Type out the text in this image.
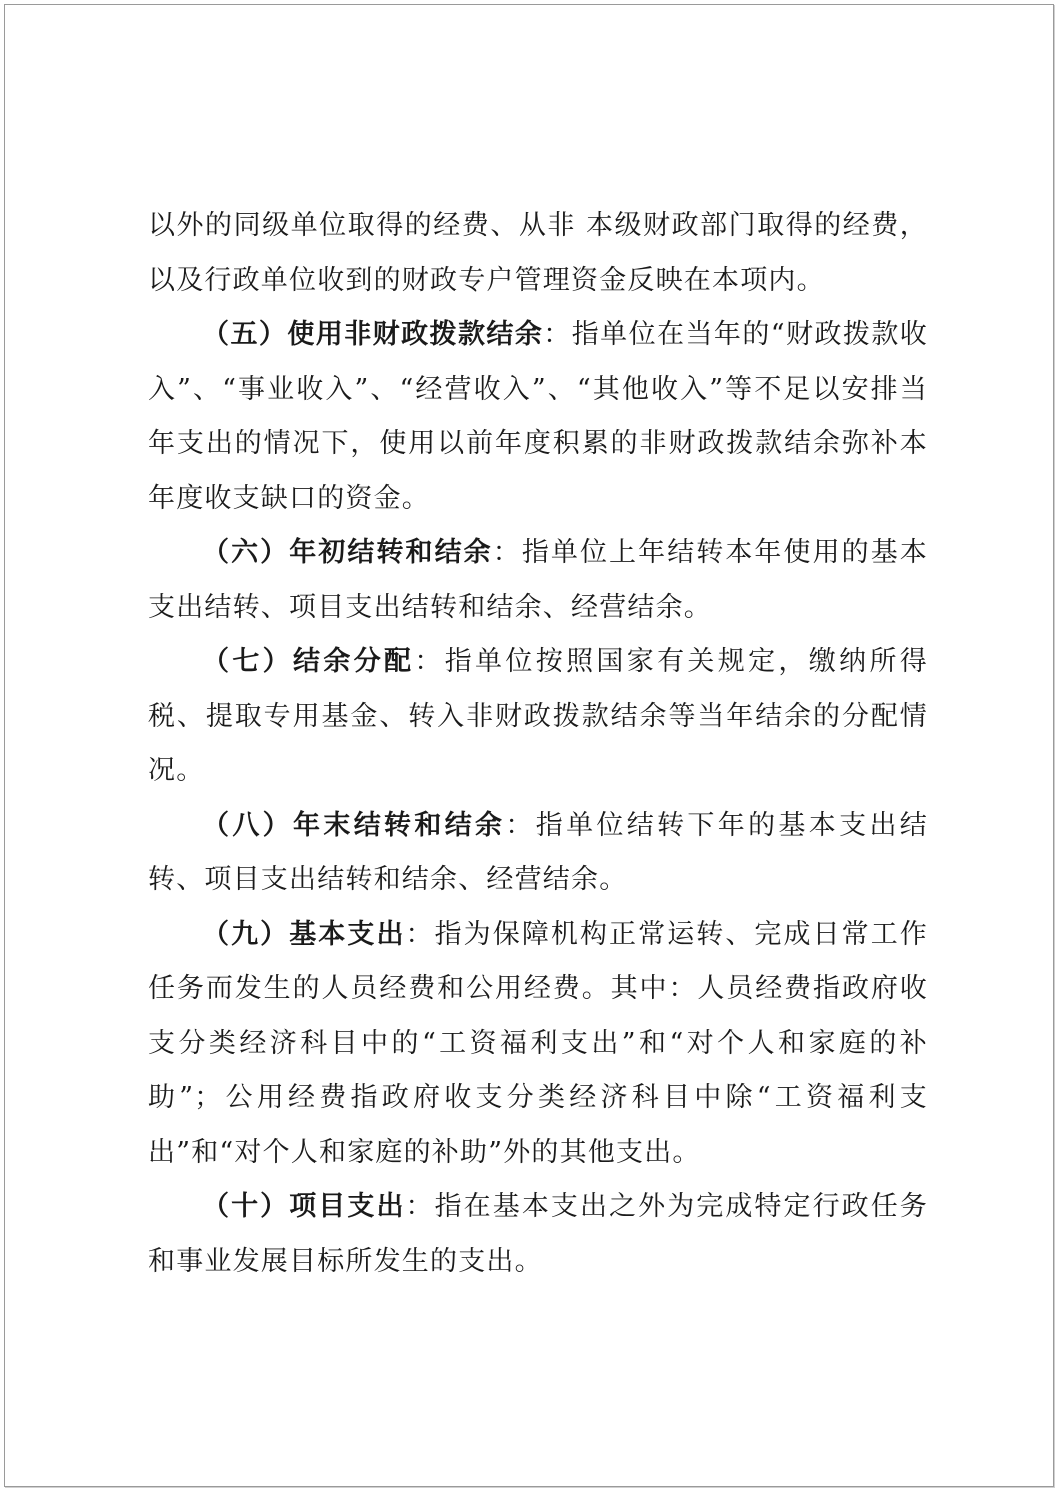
以外的同级单位取得的经费、从非 本级财政部门取得的经费，以及行政单位收到的财政专户管理资金反映在本项内。

（五）使用非财政拨款结余：指单位在当年的“财政拨款收入”、“事业收入”、“经营收入”、“其他收入”等不足以安排当年支出的情况下，使用以前年度积累的非财政拨款结余弥补本年度收支缺口的资金。

（六）年初结转和结余：指单位上年结转本年使用的基本支出结转、项目支出结转和结余、经营结余。

（七）结余分配：指单位按照国家有关规定，缴纳所得税、提取专用基金、转入非财政拨款结余等当年结余的分配情况。

（八）年末结转和结余：指单位结转下年的基本支出结转、项目支出结转和结余、经营结余。

（九）基本支出：指为保障机构正常运转、完成日常工作任务而发生的人员经费和公用经费。其中：人员经费指政府收支分类经济科目中的“工资福利支出”和“对个人和家庭的补助”；公用经费指政府收支分类经济科目中除“工资福利支出”和“对个人和家庭的补助”外的其他支出。

（十）项目支出：指在基本支出之外为完成特定行政任务和事业发展目标所发生的支出。
